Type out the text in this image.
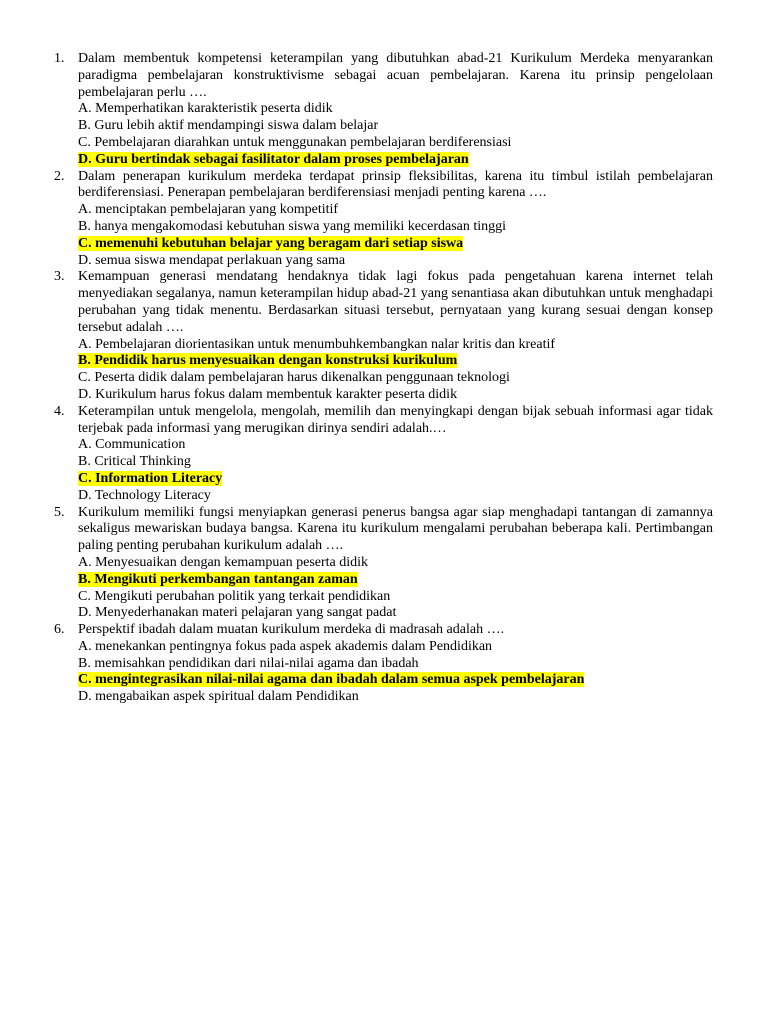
1. Dalam membentuk kompetensi keterampilan yang dibutuhkan abad-21 Kurikulum Merdeka menyarankan paradigma pembelajaran konstruktivisme sebagai acuan pembelajaran. Karena itu prinsip pengelolaan pembelajaran perlu ….
A. Memperhatikan karakteristik peserta didik
B. Guru lebih aktif mendampingi siswa dalam belajar
C. Pembelajaran diarahkan untuk menggunakan pembelajaran berdiferensiasi
D. Guru bertindak sebagai fasilitator dalam proses pembelajaran
2. Dalam penerapan kurikulum merdeka terdapat prinsip fleksibilitas, karena itu timbul istilah pembelajaran berdiferensiasi. Penerapan pembelajaran berdiferensiasi menjadi penting karena ….
A. menciptakan pembelajaran yang kompetitif
B. hanya mengakomodasi kebutuhan siswa yang memiliki kecerdasan tinggi
C. memenuhi kebutuhan belajar yang beragam dari setiap siswa
D. semua siswa mendapat perlakuan yang sama
3. Kemampuan generasi mendatang hendaknya tidak lagi fokus pada pengetahuan karena internet telah menyediakan segalanya, namun keterampilan hidup abad-21 yang senantiasa akan dibutuhkan untuk menghadapi perubahan yang tidak menentu. Berdasarkan situasi tersebut, pernyataan yang kurang sesuai dengan konsep tersebut adalah ….
A. Pembelajaran diorientasikan untuk menumbuhkembangkan nalar kritis dan kreatif
B. Pendidik harus menyesuaikan dengan konstruksi kurikulum
C. Peserta didik dalam pembelajaran harus dikenalkan penggunaan teknologi
D. Kurikulum harus fokus dalam membentuk karakter peserta didik
4. Keterampilan untuk mengelola, mengolah, memilih dan menyingkapi dengan bijak sebuah informasi agar tidak terjebak pada informasi yang merugikan dirinya sendiri adalah.…
A. Communication
B. Critical Thinking
C. Information Literacy
D. Technology Literacy
5. Kurikulum memiliki fungsi menyiapkan generasi penerus bangsa agar siap menghadapi tantangan di zamannya sekaligus mewariskan budaya bangsa. Karena itu kurikulum mengalami perubahan beberapa kali. Pertimbangan paling penting perubahan kurikulum adalah ….
A. Menyesuaikan dengan kemampuan peserta didik
B. Mengikuti perkembangan tantangan zaman
C. Mengikuti perubahan politik yang terkait pendidikan
D. Menyederhanakan materi pelajaran yang sangat padat
6. Perspektif ibadah dalam muatan kurikulum merdeka di madrasah adalah ….
A. menekankan pentingnya fokus pada aspek akademis dalam Pendidikan
B. memisahkan pendidikan dari nilai-nilai agama dan ibadah
C. mengintegrasikan nilai-nilai agama dan ibadah dalam semua aspek pembelajaran
D. mengabaikan aspek spiritual dalam Pendidikan
